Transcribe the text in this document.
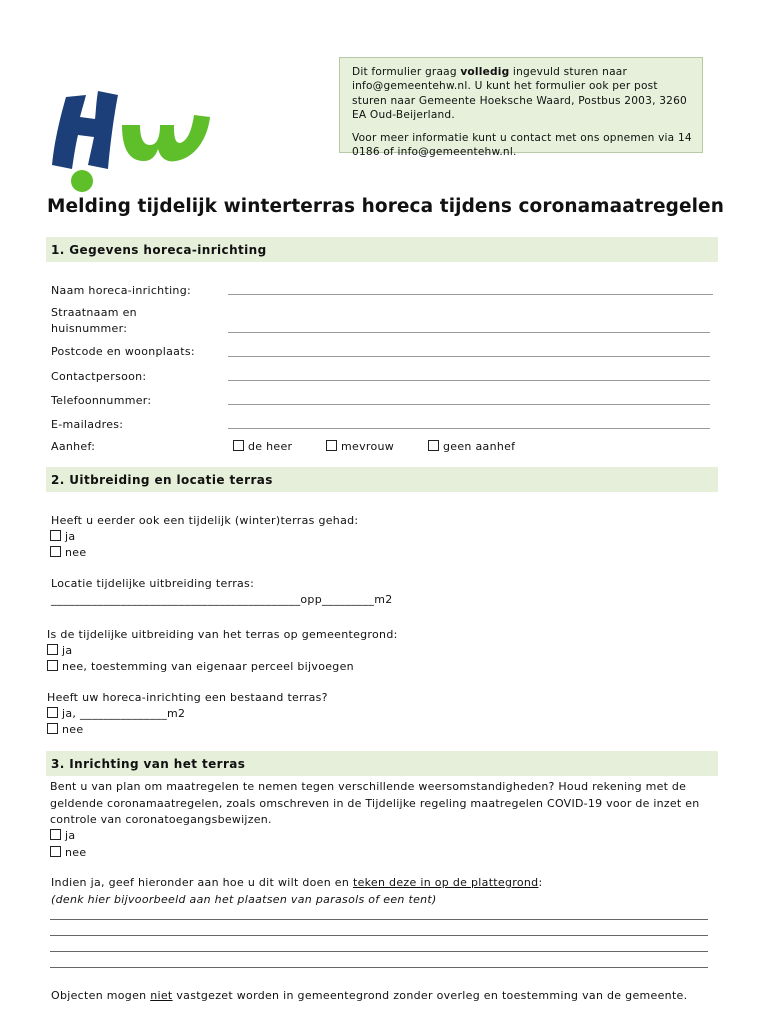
Dit formulier graag volledig ingevuld sturen naar info@gemeentehw.nl. U kunt het formulier ook per post sturen naar Gemeente Hoeksche Waard, Postbus 2003, 3260 EA Oud-Beijerland.

Voor meer informatie kunt u contact met ons opnemen via 14 0186 of info@gemeentehw.nl.

Melding tijdelijk winterterras horeca tijdens coronamaatregelen
1. Gegevens horeca-inrichting
Naam horeca-inrichting:
Straatnaam en
huisnummer:
Postcode en woonplaats:
Contactpersoon:
Telefoonnummer:
E-mailadres:
Aanhef:	de heer	mevrouw	geen aanhef
2. Uitbreiding en locatie terras
Heeft u eerder ook een tijdelijk (winter)terras gehad:
ja
nee
Locatie tijdelijke uitbreiding terras:
___________________________________________opp_________m2
Is de tijdelijke uitbreiding van het terras op gemeentegrond:
ja
nee, toestemming van eigenaar perceel bijvoegen
Heeft uw horeca-inrichting een bestaand terras?
ja, _______________m2
nee
3. Inrichting van het terras
Bent u van plan om maatregelen te nemen tegen verschillende weersomstandigheden? Houd rekening met de geldende coronamaatregelen, zoals omschreven in de Tijdelijke regeling maatregelen COVID-19 voor de inzet en controle van coronatoegangsbewijzen.
ja
nee
Indien ja, geef hieronder aan hoe u dit wilt doen en teken deze in op de plattegrond:
(denk hier bijvoorbeeld aan het plaatsen van parasols of een tent)
Objecten mogen niet vastgezet worden in gemeentegrond zonder overleg en toestemming van de gemeente.
